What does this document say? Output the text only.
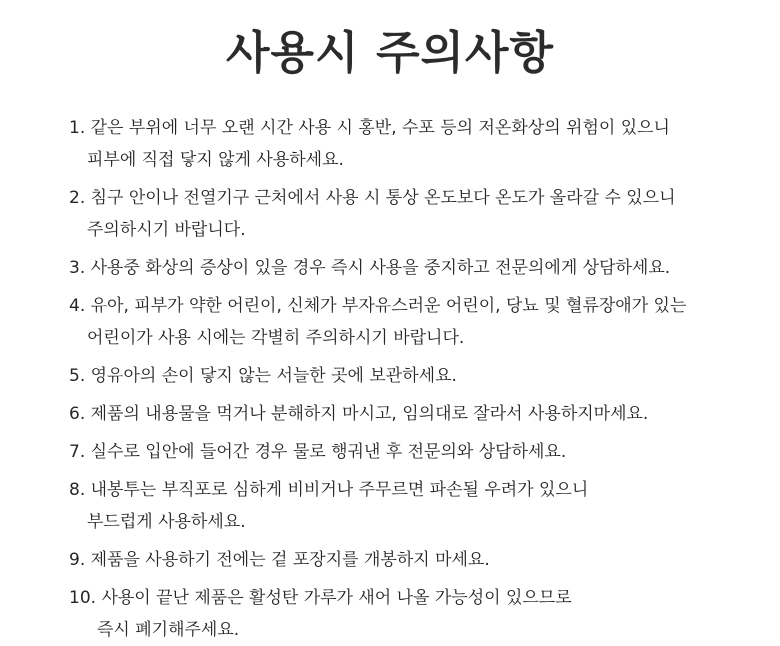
사용시 주의사항
1. 같은 부위에 너무 오랜 시간 사용 시 홍반, 수포 등의 저온화상의 위험이 있으니
피부에 직접 닿지 않게 사용하세요.
2. 침구 안이나 전열기구 근처에서 사용 시 통상 온도보다 온도가 올라갈 수 있으니
주의하시기 바랍니다.
3. 사용중 화상의 증상이 있을 경우 즉시 사용을 중지하고 전문의에게 상담하세요.
4. 유아, 피부가 약한 어린이, 신체가 부자유스러운 어린이, 당뇨 및 혈류장애가 있는
어린이가 사용 시에는 각별히 주의하시기 바랍니다.
5. 영유아의 손이 닿지 않는 서늘한 곳에 보관하세요.
6. 제품의 내용물을 먹거나 분해하지 마시고, 임의대로 잘라서 사용하지마세요.
7. 실수로 입안에 들어간 경우 물로 행궈낸 후 전문의와 상담하세요.
8. 내봉투는 부직포로 심하게 비비거나 주무르면 파손될 우려가 있으니
부드럽게 사용하세요.
9. 제품을 사용하기 전에는 겉 포장지를 개봉하지 마세요.
10. 사용이 끝난 제품은 활성탄 가루가 새어 나올 가능성이 있으므로
즉시 폐기해주세요.
